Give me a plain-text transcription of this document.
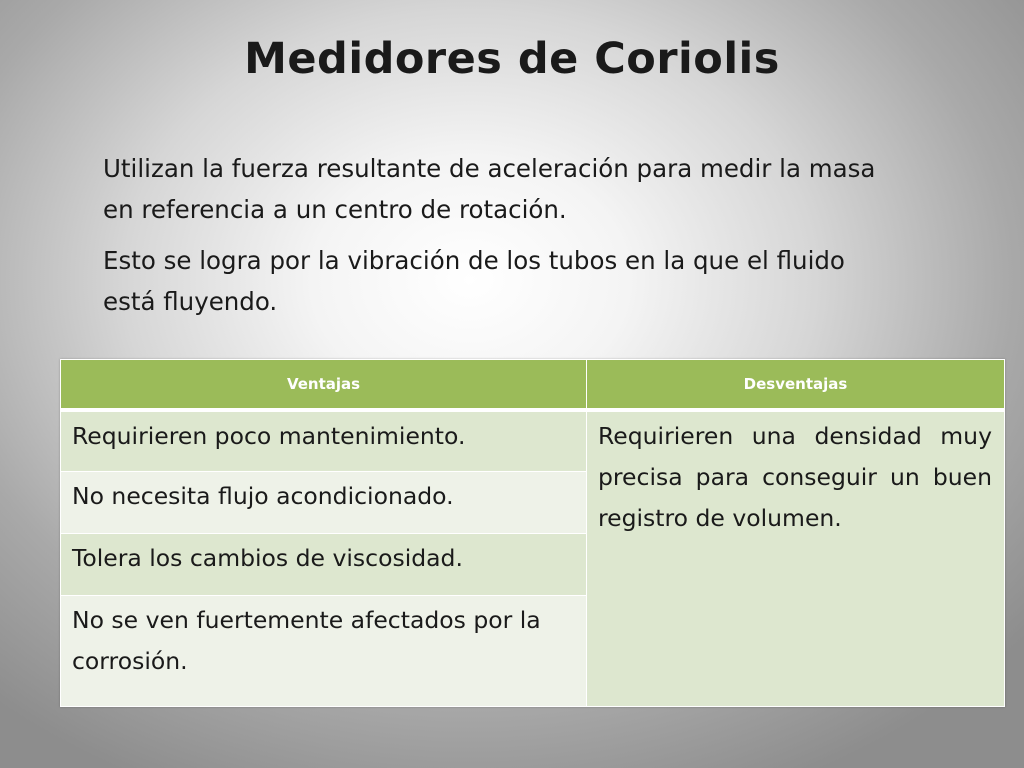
Medidores de Coriolis

Utilizan la fuerza resultante de aceleración para medir la masa en referencia a un centro de rotación.

Esto se logra por la vibración de los tubos en la que el fluido está fluyendo.

Ventajas	Desventajas
Requirieren poco mantenimiento.	Requirieren una densidad muy precisa para conseguir un buen registro de volumen.
No necesita flujo acondicionado.	
Tolera los cambios de viscosidad.	
No se ven fuertemente afectados por la corrosión.	
